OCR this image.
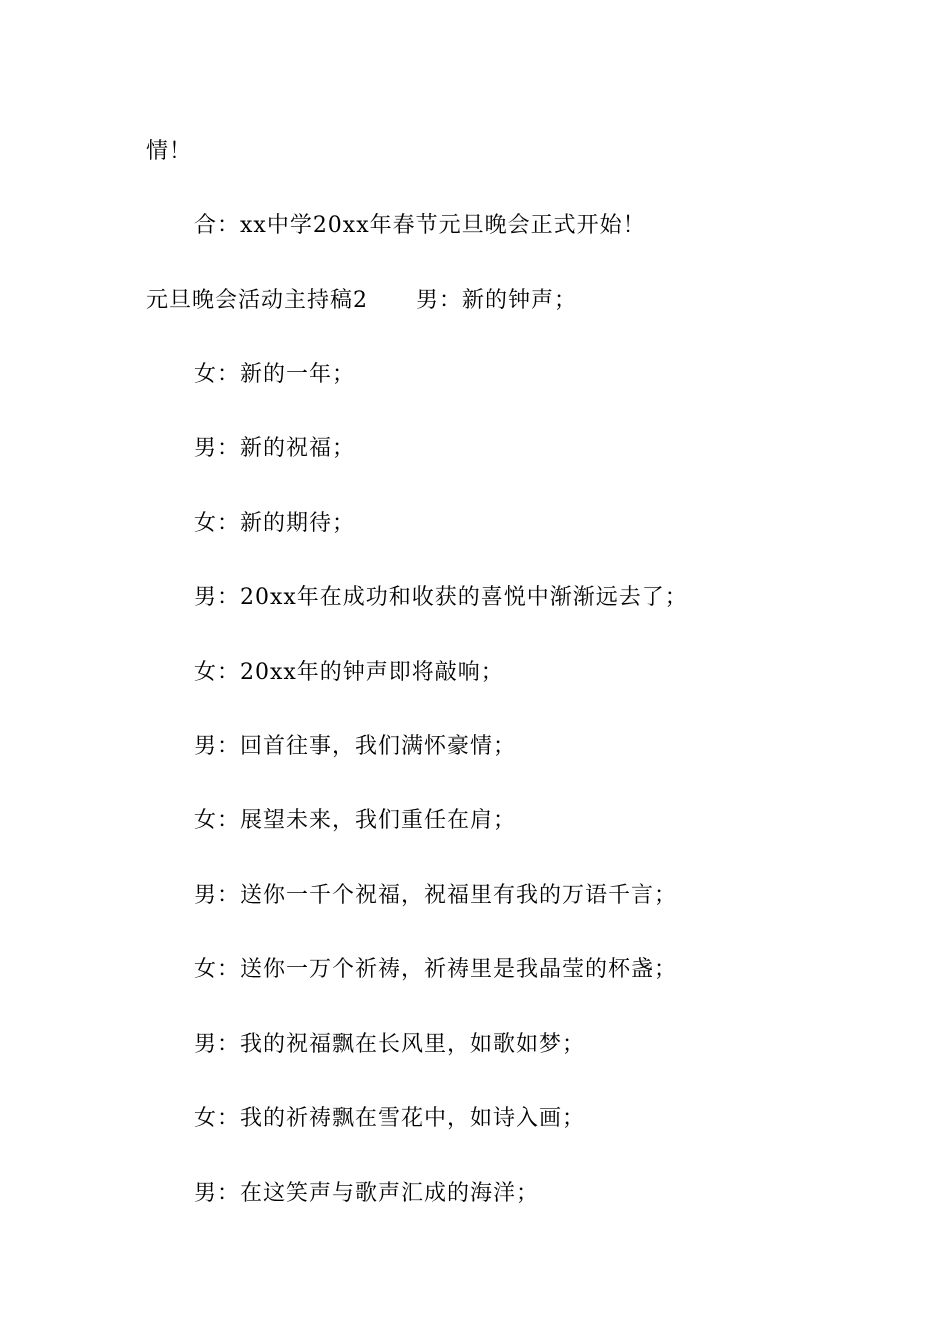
情！
合：xx中学20xx年春节元旦晚会正式开始！
元旦晚会活动主持稿2 男：新的钟声；
女：新的一年；
男：新的祝福；
女：新的期待；
男：20xx年在成功和收获的喜悦中渐渐远去了；
女：20xx年的钟声即将敲响；
男：回首往事，我们满怀豪情；
女：展望未来，我们重任在肩；
男：送你一千个祝福，祝福里有我的万语千言；
女：送你一万个祈祷，祈祷里是我晶莹的杯盏；
男：我的祝福飘在长风里，如歌如梦；
女：我的祈祷飘在雪花中，如诗入画；
男：在这笑声与歌声汇成的海洋；
